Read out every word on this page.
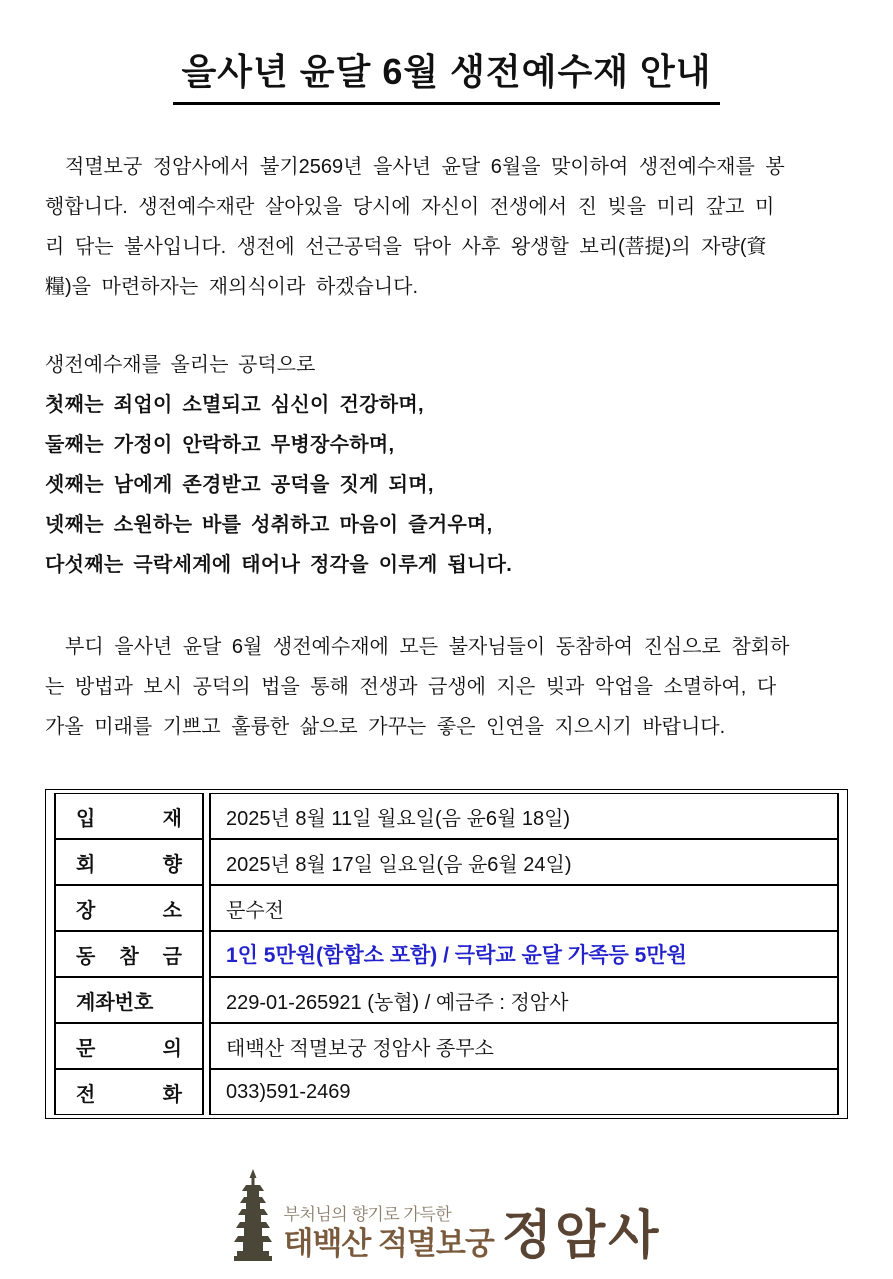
을사년 윤달 6월 생전예수재 안내
적멸보궁 정암사에서 불기2569년 을사년 윤달 6월을 맞이하여 생전예수재를 봉
행합니다. 생전예수재란 살아있을 당시에 자신이 전생에서 진 빚을 미리 갚고 미
리 닦는 불사입니다. 생전에 선근공덕을 닦아 사후 왕생할 보리(菩提)의 자량(資
糧)을 마련하자는 재의식이라 하겠습니다.
생전예수재를 올리는 공덕으로
첫째는 죄업이 소멸되고 심신이 건강하며,
둘째는 가정이 안락하고 무병장수하며,
셋째는 남에게 존경받고 공덕을 짓게 되며,
넷째는 소원하는 바를 성취하고 마음이 즐거우며,
다섯째는 극락세계에 태어나 정각을 이루게 됩니다.
부디 을사년 윤달 6월 생전예수재에 모든 불자님들이 동참하여 진심으로 참회하
는 방법과 보시 공덕의 법을 통해 전생과 금생에 지은 빚과 악업을 소멸하여, 다
가올 미래를 기쁘고 훌륭한 삶으로 가꾸는 좋은 인연을 지으시기 바랍니다.
입 재	2025년 8월 11일 월요일(음 윤6월 18일)
회 향	2025년 8월 17일 일요일(음 윤6월 24일)
장 소	문수전
동 참 금	1인 5만원(함합소 포함) / 극락교 윤달 가족등 5만원
계좌번호	229-01-265921 (농협) / 예금주 : 정암사
문 의	태백산 적멸보궁 정암사 종무소
전 화	033)591-2469
부처님의 향기로 가득한
태백산 적멸보궁 정암사
